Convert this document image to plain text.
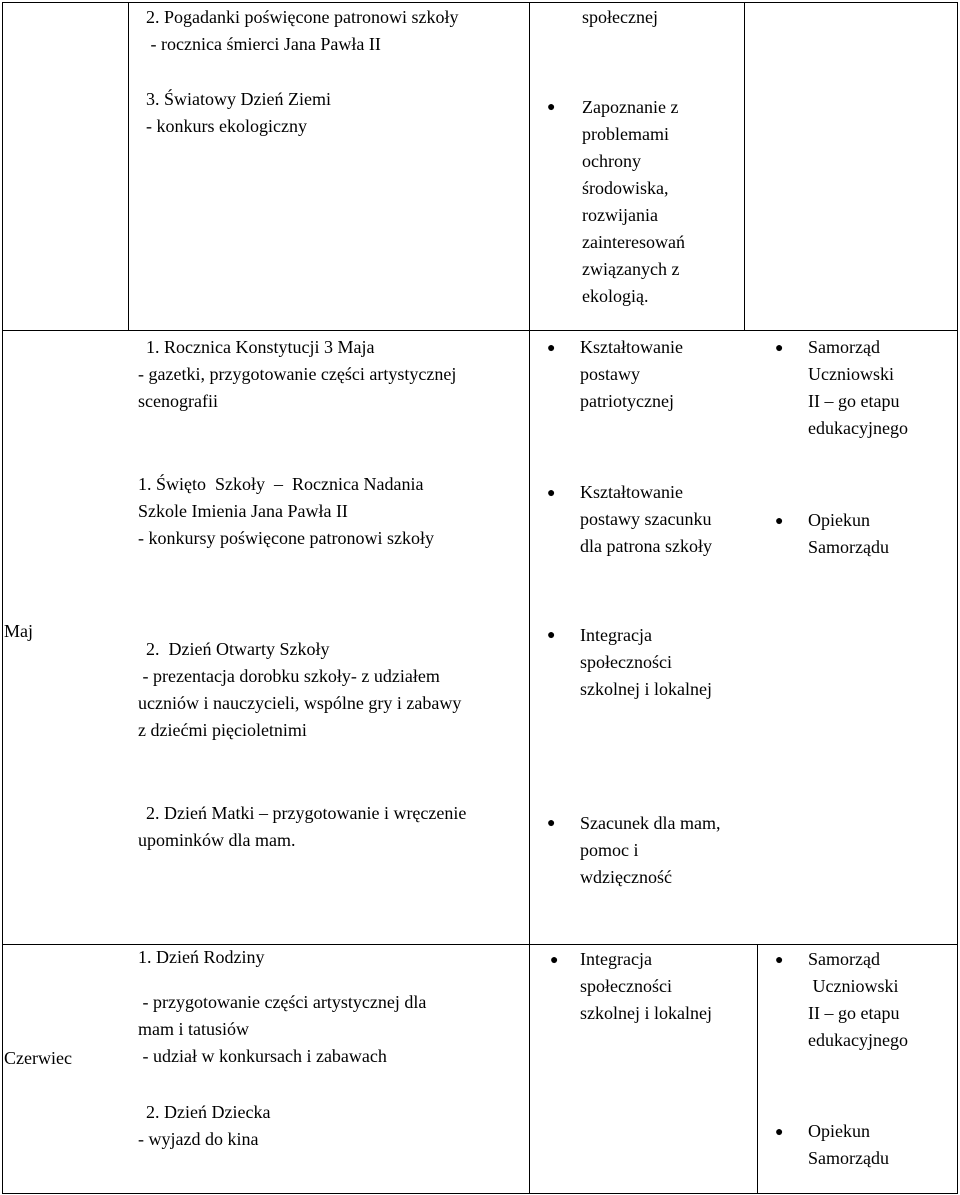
2. Pogadanki poświęcone patronowi szkoły
- rocznica śmierci Jana Pawła II
3. Światowy Dzień Ziemi
- konkurs ekologiczny
społecznej
● Zapoznanie z
problemami
ochrony
środowiska,
rozwijania
zainteresowań
związanych z
ekologią.
Maj
1. Rocznica Konstytucji 3 Maja
- gazetki, przygotowanie części artystycznej
scenografii
1. Święto  Szkoły  –  Rocznica Nadania
Szkole Imienia Jana Pawła II
- konkursy poświęcone patronowi szkoły
2.  Dzień Otwarty Szkoły
- prezentacja dorobku szkoły- z udziałem
uczniów i nauczycieli, wspólne gry i zabawy
z dziećmi pięcioletnimi
2. Dzień Matki – przygotowanie i wręczenie
upominków dla mam.
● Kształtowanie
postawy
patriotycznej
● Kształtowanie
postawy szacunku
dla patrona szkoły
● Integracja
społeczności
szkolnej i lokalnej
● Szacunek dla mam,
pomoc i
wdzięczność
● Samorząd
Uczniowski
II – go etapu
edukacyjnego
● Opiekun
Samorządu
Czerwiec
1. Dzień Rodziny
- przygotowanie części artystycznej dla
mam i tatusiów
- udział w konkursach i zabawach
2. Dzień Dziecka
- wyjazd do kina
● Integracja
społeczności
szkolnej i lokalnej
● Samorząd
Uczniowski
II – go etapu
edukacyjnego
● Opiekun
Samorządu
